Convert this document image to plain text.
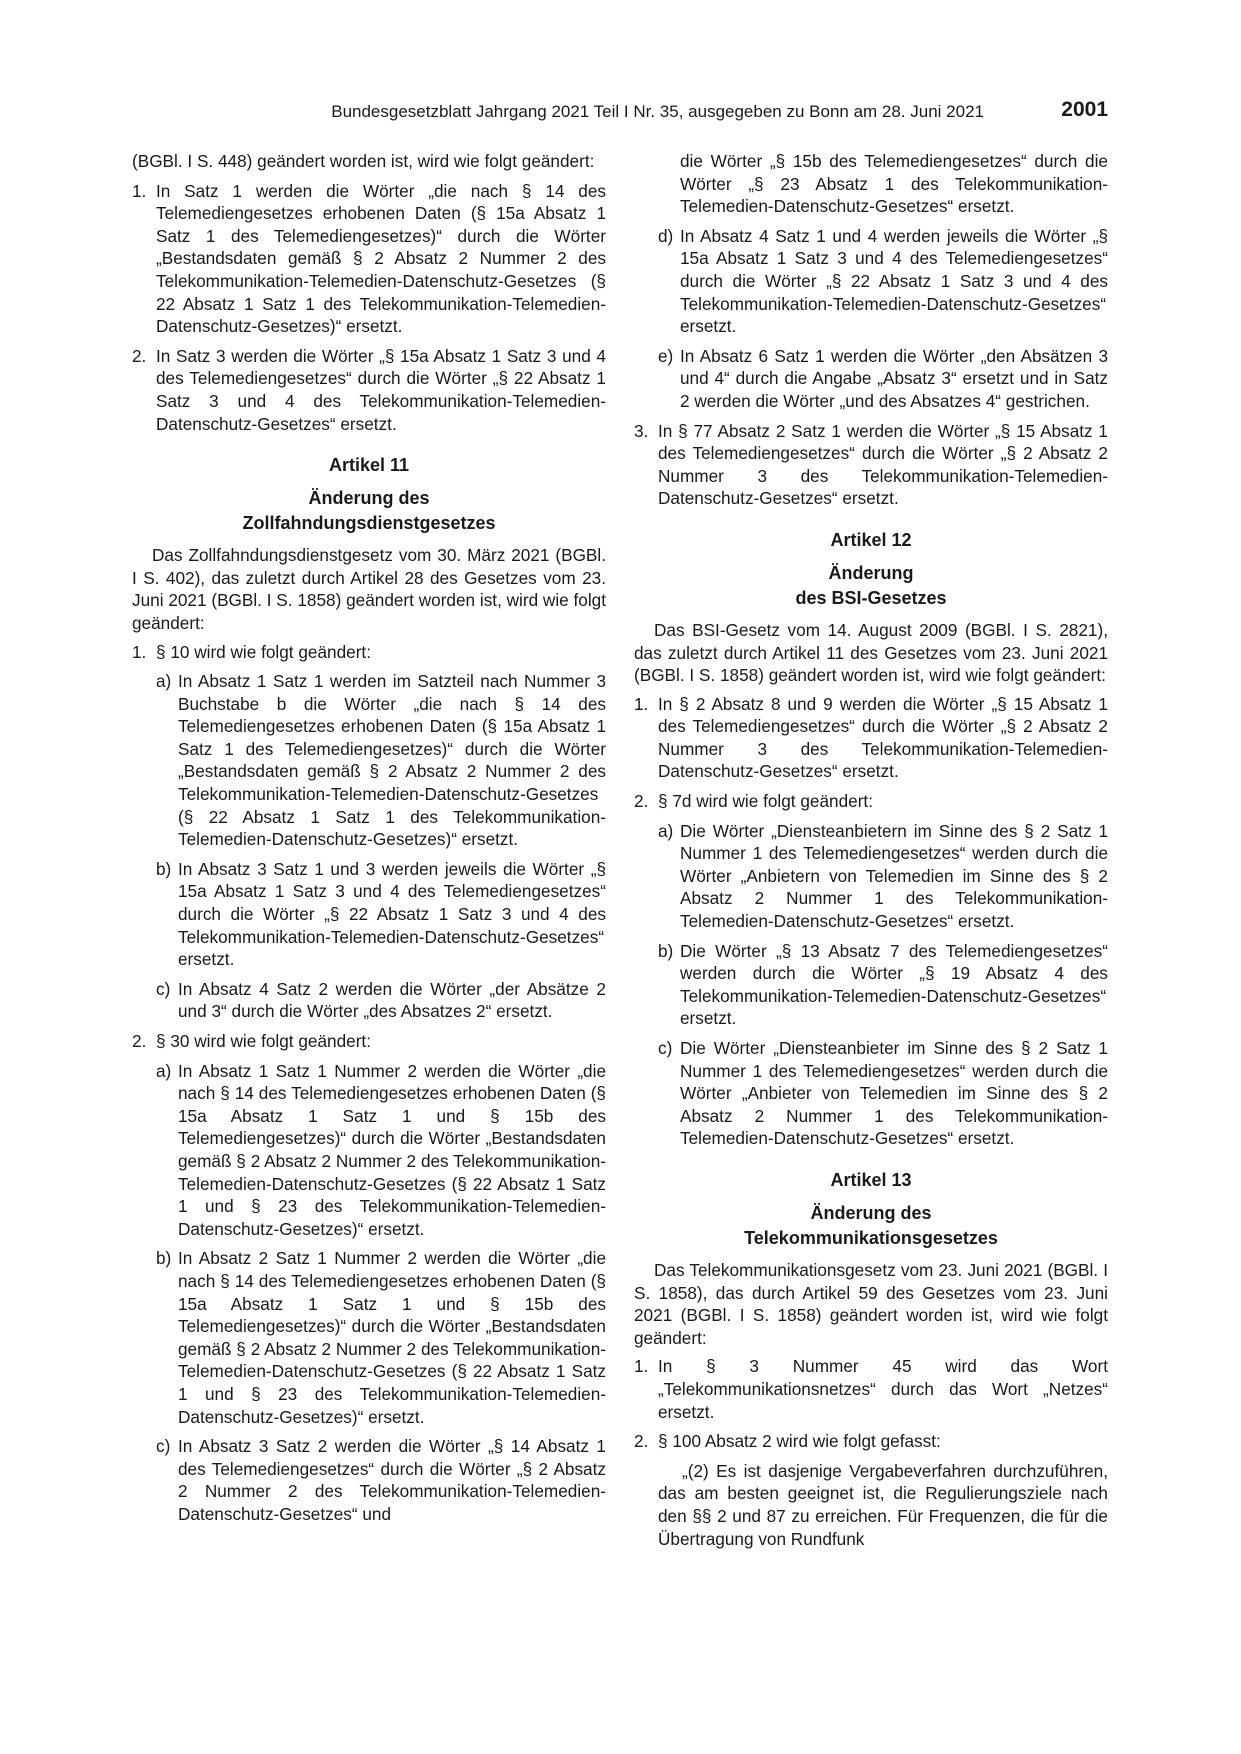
Bundesgesetzblatt Jahrgang 2021 Teil I Nr. 35, ausgegeben zu Bonn am 28. Juni 2021	2001

(BGBl. I S. 448) geändert worden ist, wird wie folgt geändert:

1. In Satz 1 werden die Wörter „die nach § 14 des Telemediengesetzes erhobenen Daten (§ 15a Absatz 1 Satz 1 des Telemediengesetzes)“ durch die Wörter „Bestandsdaten gemäß § 2 Absatz 2 Nummer 2 des Telekommunikation-Telemedien-Datenschutz-Gesetzes (§ 22 Absatz 1 Satz 1 des Telekommunikation-Telemedien-Datenschutz-Gesetzes)“ ersetzt.

2. In Satz 3 werden die Wörter „§ 15a Absatz 1 Satz 3 und 4 des Telemediengesetzes“ durch die Wörter „§ 22 Absatz 1 Satz 3 und 4 des Telekommunikation-Telemedien-Datenschutz-Gesetzes“ ersetzt.

Artikel 11
Änderung des
Zollfahndungsdienstgesetzes

Das Zollfahndungsdienstgesetz vom 30. März 2021 (BGBl. I S. 402), das zuletzt durch Artikel 28 des Gesetzes vom 23. Juni 2021 (BGBl. I S. 1858) geändert worden ist, wird wie folgt geändert:

1. § 10 wird wie folgt geändert:

a) In Absatz 1 Satz 1 werden im Satzteil nach Nummer 3 Buchstabe b die Wörter „die nach § 14 des Telemediengesetzes erhobenen Daten (§ 15a Absatz 1 Satz 1 des Telemediengesetzes)“ durch die Wörter „Bestandsdaten gemäß § 2 Absatz 2 Nummer 2 des Telekommunikation-Telemedien-Datenschutz-Gesetzes (§ 22 Absatz 1 Satz 1 des Telekommunikation-Telemedien-Datenschutz-Gesetzes)“ ersetzt.

b) In Absatz 3 Satz 1 und 3 werden jeweils die Wörter „§ 15a Absatz 1 Satz 3 und 4 des Telemediengesetzes“ durch die Wörter „§ 22 Absatz 1 Satz 3 und 4 des Telekommunikation-Telemedien-Datenschutz-Gesetzes“ ersetzt.

c) In Absatz 4 Satz 2 werden die Wörter „der Absätze 2 und 3“ durch die Wörter „des Absatzes 2“ ersetzt.

2. § 30 wird wie folgt geändert:

a) In Absatz 1 Satz 1 Nummer 2 werden die Wörter „die nach § 14 des Telemediengesetzes erhobenen Daten (§ 15a Absatz 1 Satz 1 und § 15b des Telemediengesetzes)“ durch die Wörter „Bestandsdaten gemäß § 2 Absatz 2 Nummer 2 des Telekommunikation-Telemedien-Datenschutz-Gesetzes (§ 22 Absatz 1 Satz 1 und § 23 des Telekommunikation-Telemedien-Datenschutz-Gesetzes)“ ersetzt.

b) In Absatz 2 Satz 1 Nummer 2 werden die Wörter „die nach § 14 des Telemediengesetzes erhobenen Daten (§ 15a Absatz 1 Satz 1 und § 15b des Telemediengesetzes)“ durch die Wörter „Bestandsdaten gemäß § 2 Absatz 2 Nummer 2 des Telekommunikation-Telemedien-Datenschutz-Gesetzes (§ 22 Absatz 1 Satz 1 und § 23 des Telekommunikation-Telemedien-Datenschutz-Gesetzes)“ ersetzt.

c) In Absatz 3 Satz 2 werden die Wörter „§ 14 Absatz 1 des Telemediengesetzes“ durch die Wörter „§ 2 Absatz 2 Nummer 2 des Telekommunikation-Telemedien-Datenschutz-Gesetzes“ und

die Wörter „§ 15b des Telemediengesetzes“ durch die Wörter „§ 23 Absatz 1 des Telekommunikation-Telemedien-Datenschutz-Gesetzes“ ersetzt.

d) In Absatz 4 Satz 1 und 4 werden jeweils die Wörter „§ 15a Absatz 1 Satz 3 und 4 des Telemediengesetzes“ durch die Wörter „§ 22 Absatz 1 Satz 3 und 4 des Telekommunikation-Telemedien-Datenschutz-Gesetzes“ ersetzt.

e) In Absatz 6 Satz 1 werden die Wörter „den Absätzen 3 und 4“ durch die Angabe „Absatz 3“ ersetzt und in Satz 2 werden die Wörter „und des Absatzes 4“ gestrichen.

3. In § 77 Absatz 2 Satz 1 werden die Wörter „§ 15 Absatz 1 des Telemediengesetzes“ durch die Wörter „§ 2 Absatz 2 Nummer 3 des Telekommunikation-Telemedien-Datenschutz-Gesetzes“ ersetzt.

Artikel 12
Änderung
des BSI-Gesetzes

Das BSI-Gesetz vom 14. August 2009 (BGBl. I S. 2821), das zuletzt durch Artikel 11 des Gesetzes vom 23. Juni 2021 (BGBl. I S. 1858) geändert worden ist, wird wie folgt geändert:

1. In § 2 Absatz 8 und 9 werden die Wörter „§ 15 Absatz 1 des Telemediengesetzes“ durch die Wörter „§ 2 Absatz 2 Nummer 3 des Telekommunikation-Telemedien-Datenschutz-Gesetzes“ ersetzt.

2. § 7d wird wie folgt geändert:

a) Die Wörter „Diensteanbietern im Sinne des § 2 Satz 1 Nummer 1 des Telemediengesetzes“ werden durch die Wörter „Anbietern von Telemedien im Sinne des § 2 Absatz 2 Nummer 1 des Telekommunikation-Telemedien-Datenschutz-Gesetzes“ ersetzt.

b) Die Wörter „§ 13 Absatz 7 des Telemediengesetzes“ werden durch die Wörter „§ 19 Absatz 4 des Telekommunikation-Telemedien-Datenschutz-Gesetzes“ ersetzt.

c) Die Wörter „Diensteanbieter im Sinne des § 2 Satz 1 Nummer 1 des Telemediengesetzes“ werden durch die Wörter „Anbieter von Telemedien im Sinne des § 2 Absatz 2 Nummer 1 des Telekommunikation-Telemedien-Datenschutz-Gesetzes“ ersetzt.

Artikel 13
Änderung des
Telekommunikationsgesetzes

Das Telekommunikationsgesetz vom 23. Juni 2021 (BGBl. I S. 1858), das durch Artikel 59 des Gesetzes vom 23. Juni 2021 (BGBl. I S. 1858) geändert worden ist, wird wie folgt geändert:

1. In § 3 Nummer 45 wird das Wort „Telekommunikationsnetzes“ durch das Wort „Netzes“ ersetzt.

2. § 100 Absatz 2 wird wie folgt gefasst:

„(2) Es ist dasjenige Vergabeverfahren durchzuführen, das am besten geeignet ist, die Regulierungsziele nach den §§ 2 und 87 zu erreichen. Für Frequenzen, die für die Übertragung von Rundfunk
